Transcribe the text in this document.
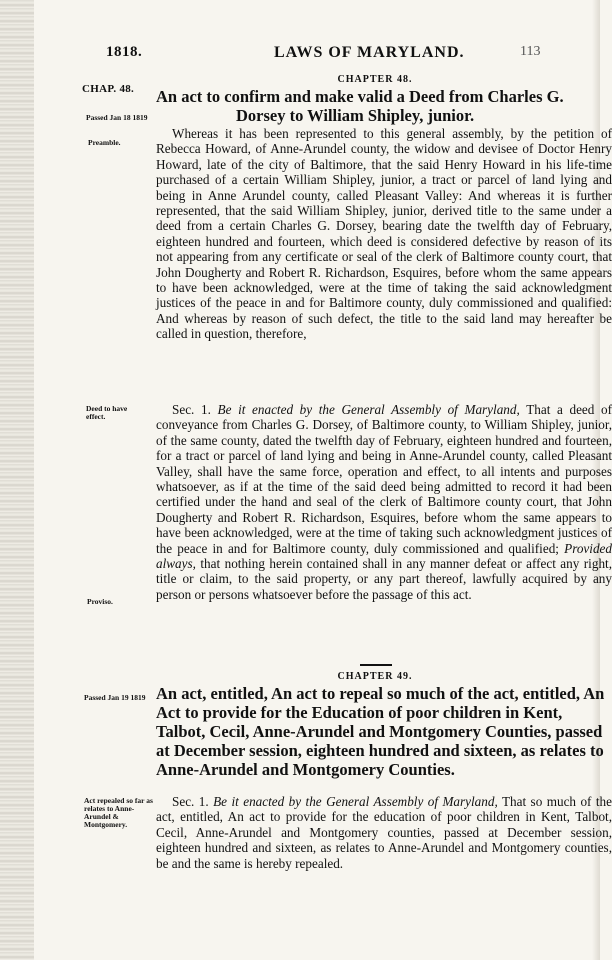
1818.	LAWS OF MARYLAND.	113
CHAP. 48.
Passed Jan 18 1819
CHAPTER 48.
An act to confirm and make valid a Deed from Charles G.
Dorsey to William Shipley, junior.
Preamble.
Whereas it has been represented to this general assembly, by the petition of Rebecca Howard, of Anne-Arundel county, the widow and devisee of Doctor Henry Howard, late of the city of Baltimore, that the said Henry Howard in his life-time purchased of a certain William Shipley, junior, a tract or parcel of land lying and being in Anne Arundel county, called Pleasant Valley: And whereas it is further represented, that the said William Shipley, junior, derived title to the same under a deed from a certain Charles G. Dorsey, bearing date the twelfth day of February, eighteen hundred and fourteen, which deed is considered defective by reason of its not appearing from any certificate or seal of the clerk of Baltimore county court, that John Dougherty and Robert R. Richardson, Esquires, before whom the same appears to have been acknowledged, were at the time of taking the said acknowledgment justices of the peace in and for Baltimore county, duly commissioned and qualified: And whereas by reason of such defect, the title to the said land may hereafter be called in question, therefore,
Deed to have effect.	Sec. 1. Be it enacted by the General Assembly of Maryland, That a deed of conveyance from Charles G. Dorsey, of Baltimore county, to William Shipley, junior, of the same county, dated the twelfth day of February, eighteen hundred and fourteen, for a tract or parcel of land lying and being in Anne-Arundel county, called Pleasant Valley, shall have the same force, operation and effect, to all intents and purposes whatsoever, as if at the time of the said deed being admitted to record it had been certified under the hand and seal of the clerk of Baltimore county court, that John Dougherty and Robert R. Richardson, Esquires, before whom the same appears to have been acknowledged, were at the time of taking such acknowledgment justices of the peace in and for Baltimore county, duly commissioned and qualified; Provided always, that nothing herein contained shall in any manner defeat or affect any right, title or claim, to the said property, or any part thereof, lawfully acquired by any person or persons whatsoever before the passage of this act.
Proviso.
CHAPTER 49.
Passed Jan 19 1819 An act, entitled, An act to repeal so much of the act, entitled, An Act to provide for the Education of poor children in Kent, Talbot, Cecil, Anne-Arundel and Montgomery Counties, passed at December session, eighteen hundred and sixteen, as relates to Anne-Arundel and Montgomery Counties.
Act repealed so far as relates to Anne-Arundel & Montgomery.
Sec. 1. Be it enacted by the General Assembly of Maryland, That so much of the act, entitled, An act to provide for the education of poor children in Kent, Talbot, Cecil, Anne-Arundel and Montgomery counties, passed at December session, eighteen hundred and sixteen, as relates to Anne-Arundel and Montgomery counties, be and the same is hereby repealed.
